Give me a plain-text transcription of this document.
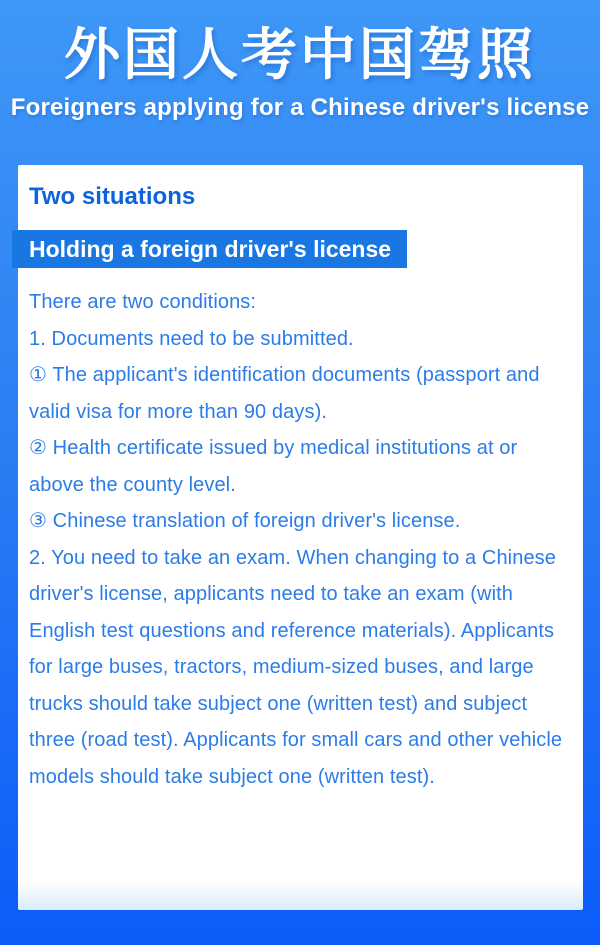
外国人考中国驾照
Foreigners applying for a Chinese driver's license
Two situations
Holding a foreign driver's license

There are two conditions:

1. Documents need to be submitted.

① The applicant's identification documents (passport and valid visa for more than 90 days).

② Health certificate issued by medical institutions at or above the county level.

③ Chinese translation of foreign driver's license.

2. You need to take an exam. When changing to a Chinese driver's license, applicants need to take an exam (with English test questions and reference materials). Applicants for large buses, tractors, medium-sized buses, and large trucks should take subject one (written test) and subject three (road test). Applicants for small cars and other vehicle models should take subject one (written test).
